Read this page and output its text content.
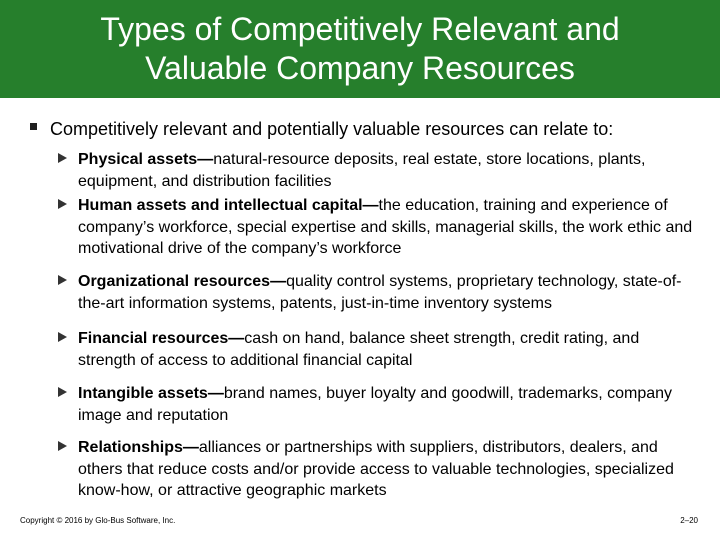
Types of Competitively Relevant and Valuable Company Resources
Competitively relevant and potentially valuable resources can relate to:
Physical assets—natural-resource deposits, real estate, store locations, plants, equipment, and distribution facilities
Human assets and intellectual capital—the education, training and experience of company’s workforce, special expertise and skills, managerial skills, the work ethic and motivational drive of the company’s workforce
Organizational resources—quality control systems, proprietary technology, state-of-the-art information systems, patents, just-in-time inventory systems
Financial resources—cash on hand, balance sheet strength, credit rating, and strength of access to additional financial capital
Intangible assets—brand names, buyer loyalty and goodwill, trademarks, company image and reputation
Relationships—alliances or partnerships with suppliers, distributors, dealers, and others that reduce costs and/or provide access to valuable technologies, specialized know-how, or attractive geographic markets
Copyright © 2016 by Glo-Bus Software, Inc.	2–20
